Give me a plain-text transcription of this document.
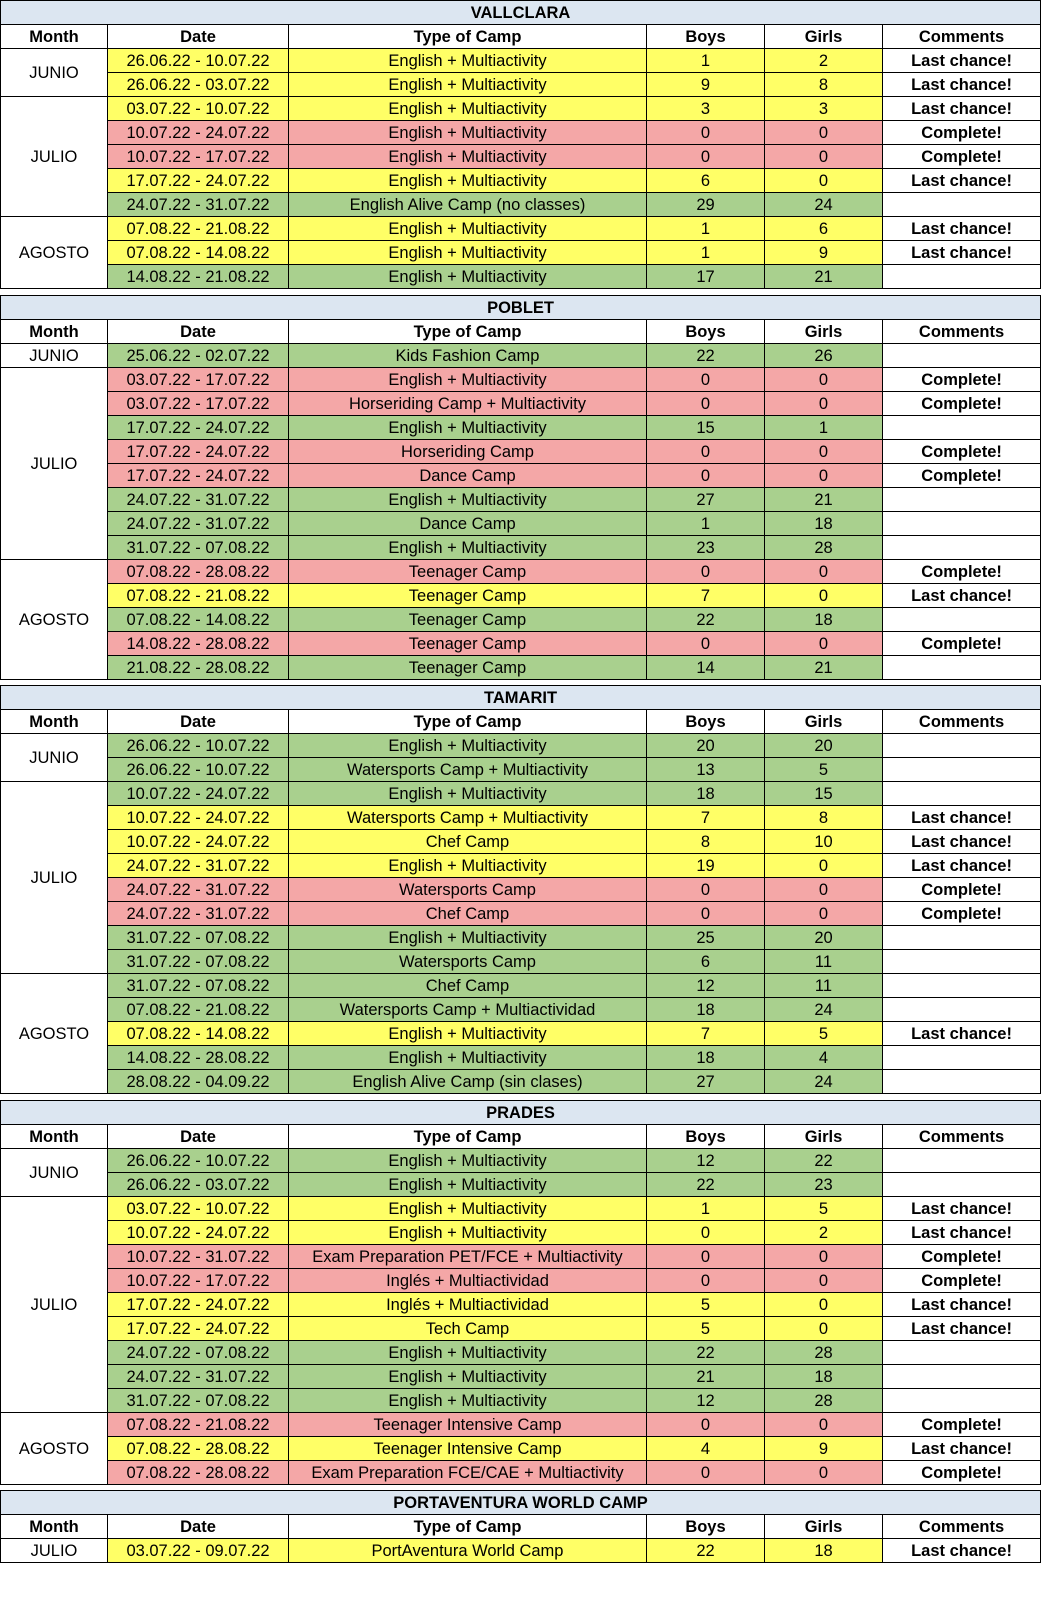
VALLCLARA					
Month	Date	Type of Camp	Boys	Girls	Comments
JUNIO	26.06.22 - 10.07.22	English + Multiactivity	1	2	Last chance!
	26.06.22 - 03.07.22	English + Multiactivity	9	8	Last chance!
JULIO	03.07.22 - 10.07.22	English + Multiactivity	3	3	Last chance!
	10.07.22 - 24.07.22	English + Multiactivity	0	0	Complete!
	10.07.22 - 17.07.22	English + Multiactivity	0	0	Complete!
	17.07.22 - 24.07.22	English + Multiactivity	6	0	Last chance!
	24.07.22 - 31.07.22	English Alive Camp (no classes)	29	24	
AGOSTO	07.08.22 - 21.08.22	English + Multiactivity	1	6	Last chance!
	07.08.22 - 14.08.22	English + Multiactivity	1	9	Last chance!
	14.08.22 - 21.08.22	English + Multiactivity	17	21	
POBLET					
Month	Date	Type of Camp	Boys	Girls	Comments
JUNIO	25.06.22 - 02.07.22	Kids Fashion Camp	22	26	
JULIO	03.07.22 - 17.07.22	English + Multiactivity	0	0	Complete!
	03.07.22 - 17.07.22	Horseriding Camp + Multiactivity	0	0	Complete!
	17.07.22 - 24.07.22	English + Multiactivity	15	1	
	17.07.22 - 24.07.22	Horseriding Camp	0	0	Complete!
	17.07.22 - 24.07.22	Dance Camp	0	0	Complete!
	24.07.22 - 31.07.22	English + Multiactivity	27	21	
	24.07.22 - 31.07.22	Dance Camp	1	18	
	31.07.22 - 07.08.22	English + Multiactivity	23	28	
AGOSTO	07.08.22 - 28.08.22	Teenager Camp	0	0	Complete!
	07.08.22 - 21.08.22	Teenager Camp	7	0	Last chance!
	07.08.22 - 14.08.22	Teenager Camp	22	18	
	14.08.22 - 28.08.22	Teenager Camp	0	0	Complete!
	21.08.22 - 28.08.22	Teenager Camp	14	21	
TAMARIT					
Month	Date	Type of Camp	Boys	Girls	Comments
JUNIO	26.06.22 - 10.07.22	English + Multiactivity	20	20	
	26.06.22 - 10.07.22	Watersports Camp + Multiactivity	13	5	
JULIO	10.07.22 - 24.07.22	English + Multiactivity	18	15	
	10.07.22 - 24.07.22	Watersports Camp + Multiactivity	7	8	Last chance!
	10.07.22 - 24.07.22	Chef Camp	8	10	Last chance!
	24.07.22 - 31.07.22	English + Multiactivity	19	0	Last chance!
	24.07.22 - 31.07.22	Watersports Camp	0	0	Complete!
	24.07.22 - 31.07.22	Chef Camp	0	0	Complete!
	31.07.22 - 07.08.22	English + Multiactivity	25	20	
	31.07.22 - 07.08.22	Watersports Camp	6	11	
AGOSTO	31.07.22 - 07.08.22	Chef Camp	12	11	
	07.08.22 - 21.08.22	Watersports Camp + Multiactividad	18	24	
	07.08.22 - 14.08.22	English + Multiactivity	7	5	Last chance!
	14.08.22 - 28.08.22	English + Multiactivity	18	4	
	28.08.22 - 04.09.22	English Alive Camp (sin clases)	27	24	
PRADES					
Month	Date	Type of Camp	Boys	Girls	Comments
JUNIO	26.06.22 - 10.07.22	English + Multiactivity	12	22	
	26.06.22 - 03.07.22	English + Multiactivity	22	23	
JULIO	03.07.22 - 10.07.22	English + Multiactivity	1	5	Last chance!
	10.07.22 - 24.07.22	English + Multiactivity	0	2	Last chance!
	10.07.22 - 31.07.22	Exam Preparation PET/FCE + Multiactivity	0	0	Complete!
	10.07.22 - 17.07.22	Inglés + Multiactividad	0	0	Complete!
	17.07.22 - 24.07.22	Inglés + Multiactividad	5	0	Last chance!
	17.07.22 - 24.07.22	Tech Camp	5	0	Last chance!
	24.07.22 - 07.08.22	English + Multiactivity	22	28	
	24.07.22 - 31.07.22	English + Multiactivity	21	18	
	31.07.22 - 07.08.22	English + Multiactivity	12	28	
AGOSTO	07.08.22 - 21.08.22	Teenager Intensive Camp	0	0	Complete!
	07.08.22 - 28.08.22	Teenager Intensive Camp	4	9	Last chance!
	07.08.22 - 28.08.22	Exam Preparation FCE/CAE + Multiactivity	0	0	Complete!
PORTAVENTURA WORLD CAMP					
Month	Date	Type of Camp	Boys	Girls	Comments
JULIO	03.07.22 - 09.07.22	PortAventura World Camp	22	18	Last chance!
